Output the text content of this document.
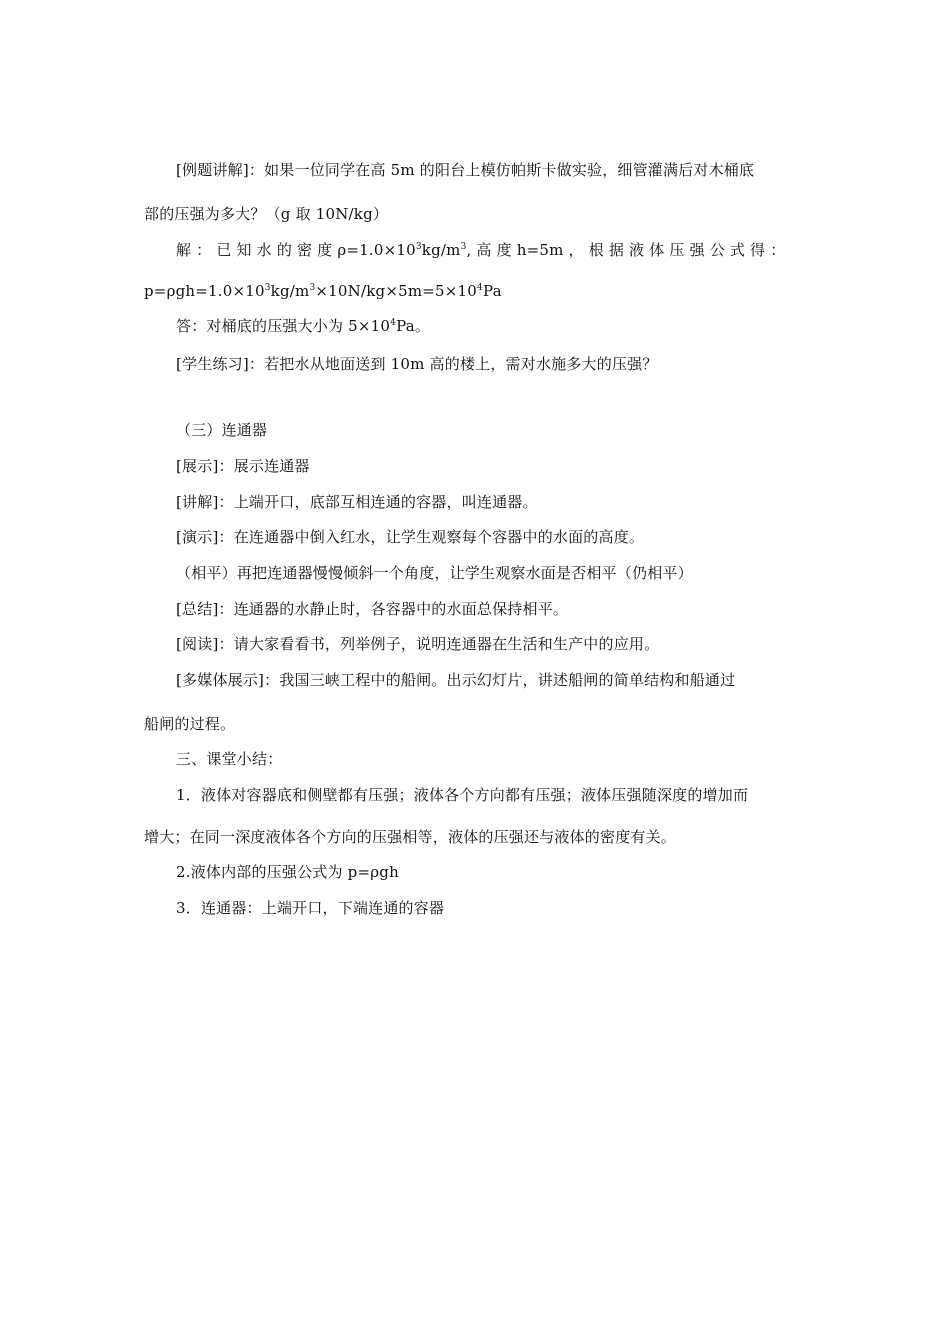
[例题讲解]：如果一位同学在高 5m 的阳台上模仿帕斯卡做实验，细管灌满后对木桶底
部的压强为多大？（g 取 10N/kg）
解 ： 已 知 水 的 密 度 $\rho=1.0\times 10^3kg/m^3$, 高 度 h=5m ， 根 据 液 体 压 强 公 式 得 ：
$p=\rho gh=1.0\times 10^3kg/m^3\times 10N/kg\times 5m=5\times 10^4Pa$
答：对桶底的压强大小为 $5\times 10^4Pa$。
[学生练习]：若把水从地面送到 10m 高的楼上，需对水施多大的压强？
（三）连通器
[展示]：展示连通器
[讲解]：上端开口，底部互相连通的容器，叫连通器。
[演示]：在连通器中倒入红水，让学生观察每个容器中的水面的高度。
（相平）再把连通器慢慢倾斜一个角度，让学生观察水面是否相平（仍相平）
[总结]：连通器的水静止时，各容器中的水面总保持相平。
[阅读]：请大家看看书，列举例子，说明连通器在生活和生产中的应用。
[多媒体展示]：我国三峡工程中的船闸。出示幻灯片，讲述船闸的简单结构和船通过
船闸的过程。
三、课堂小结：
1．液体对容器底和侧壁都有压强；液体各个方向都有压强；液体压强随深度的增加而
增大；在同一深度液体各个方向的压强相等，液体的压强还与液体的密度有关。
2.液体内部的压强公式为 p=ρgh
3．连通器：上端开口，下端连通的容器
